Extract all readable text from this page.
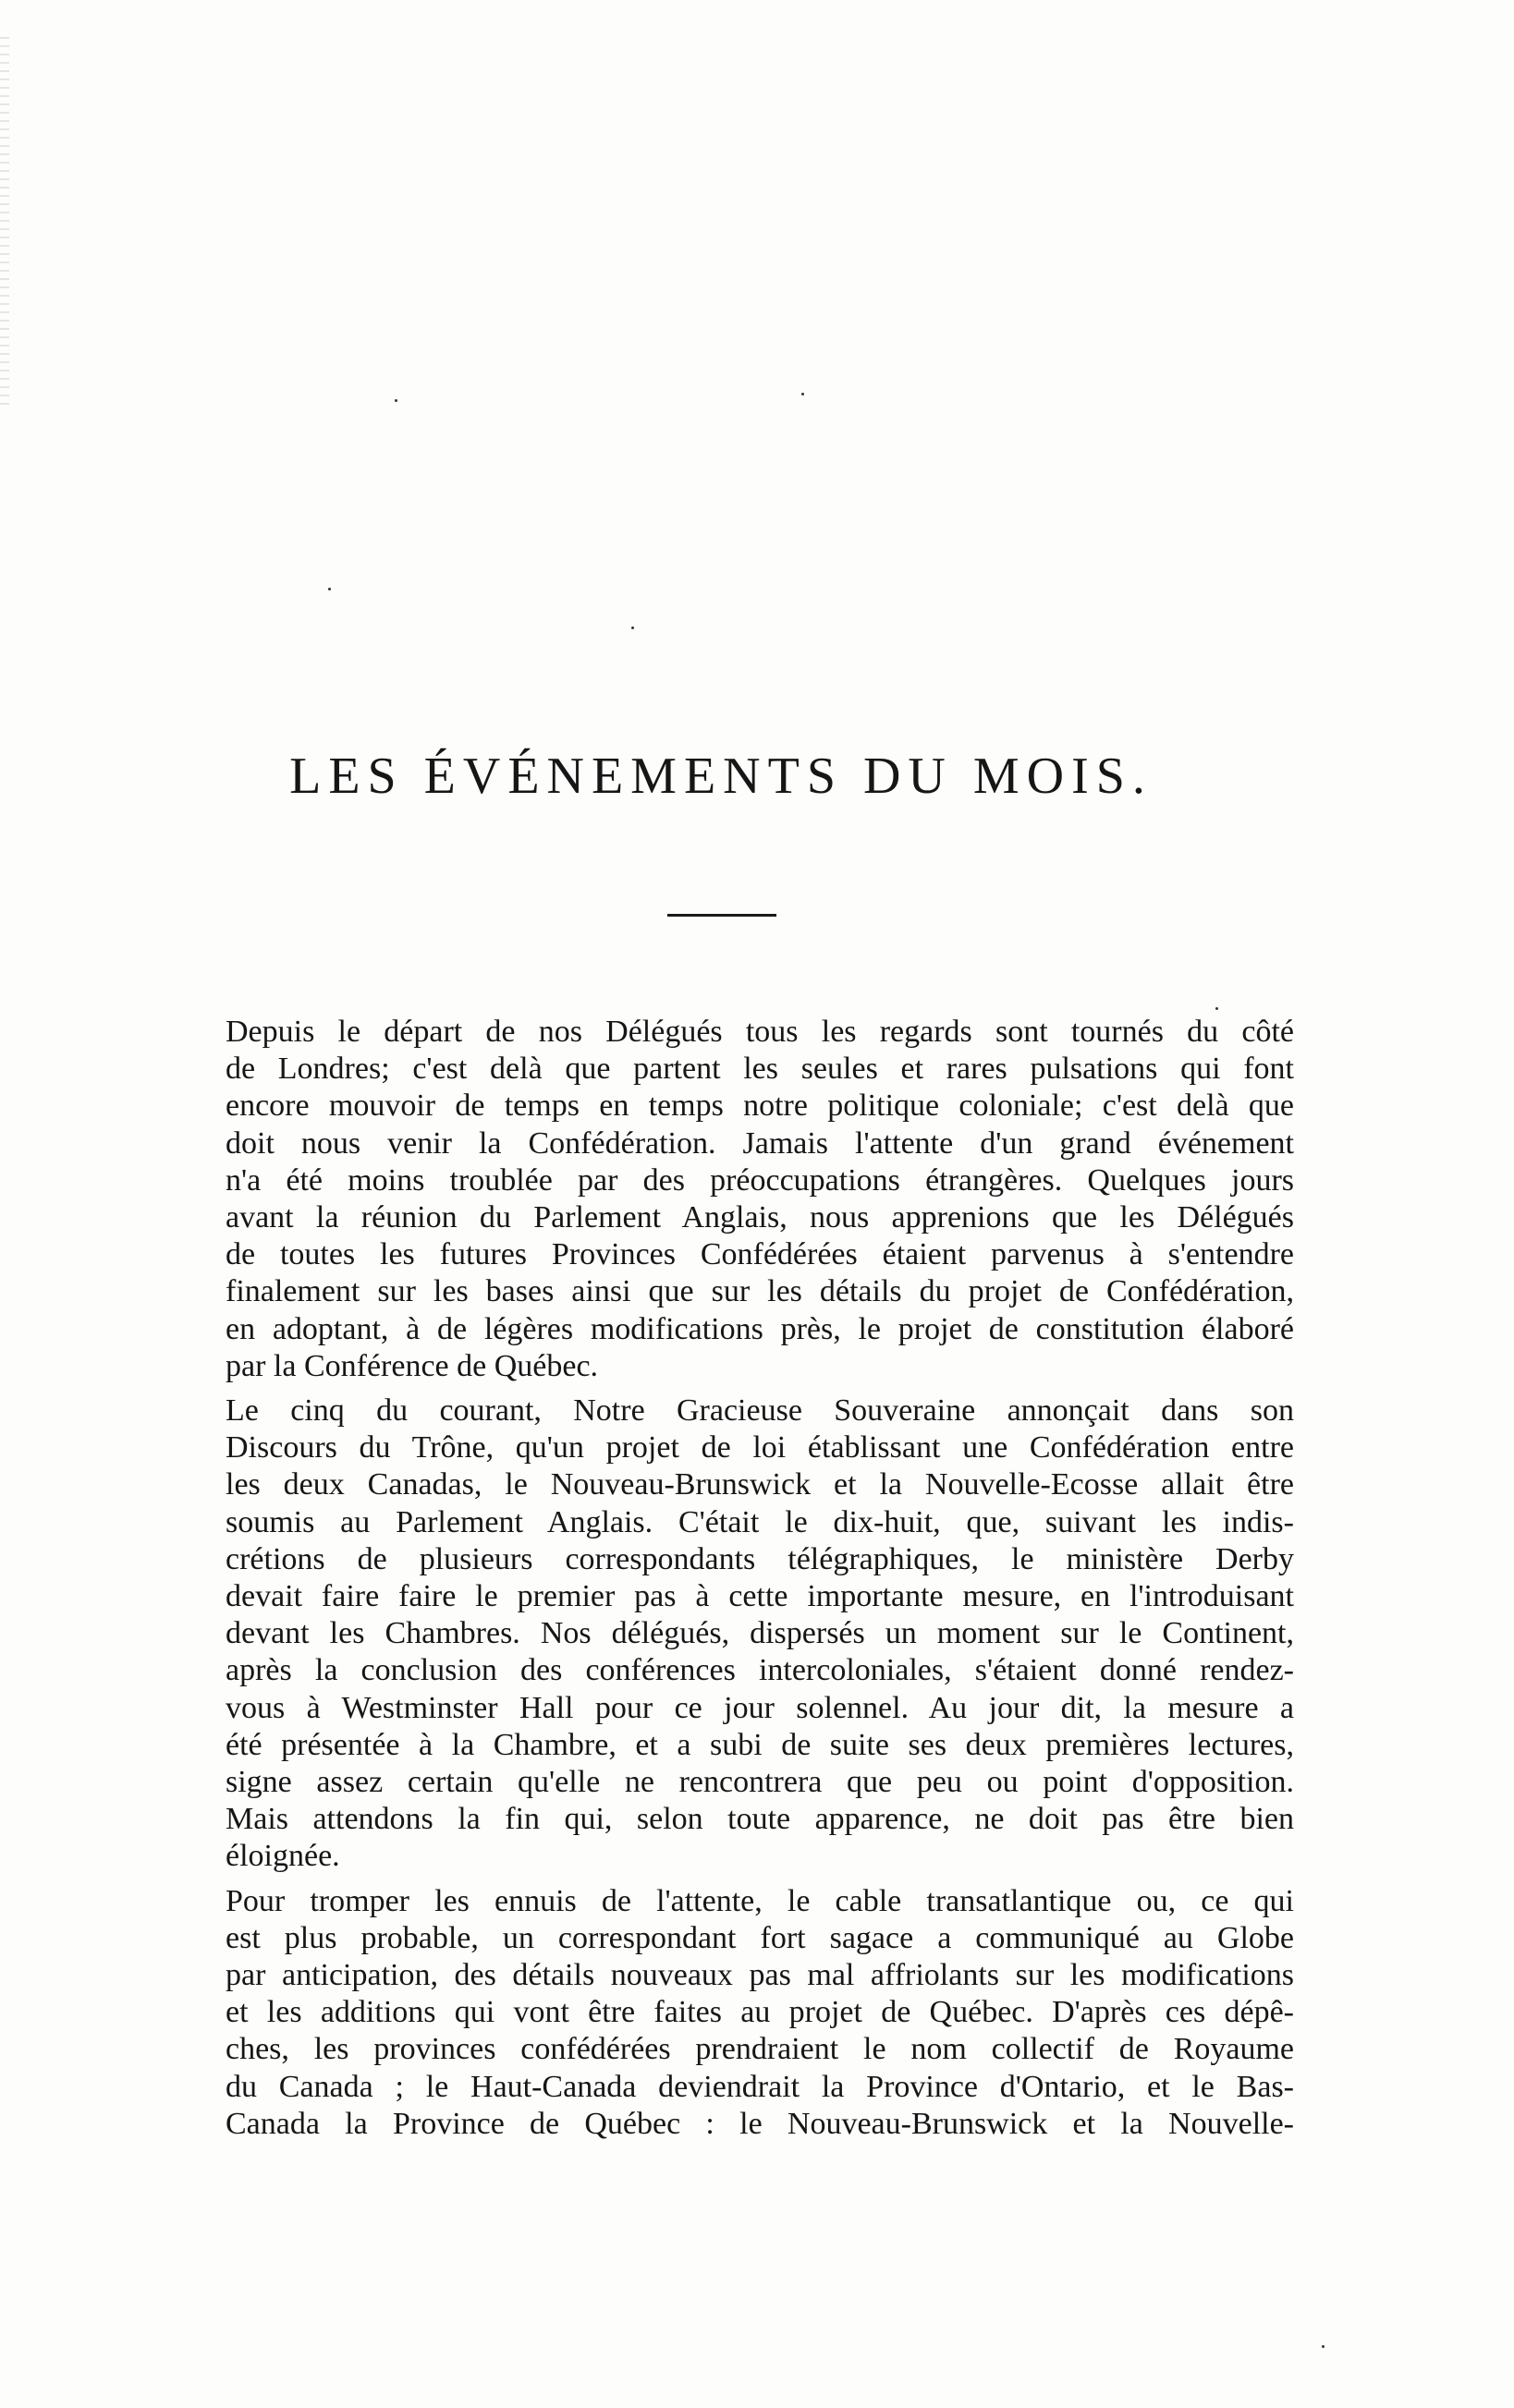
LES ÉVÉNEMENTS DU MOIS.

Depuis le départ de nos Délégués tous les regards sont tournés du côté
de Londres; c'est delà que partent les seules et rares pulsations qui font
encore mouvoir de temps en temps notre politique coloniale; c'est delà que
doit nous venir la Confédération. Jamais l'attente d'un grand événement
n'a été moins troublée par des préoccupations étrangères. Quelques jours
avant la réunion du Parlement Anglais, nous apprenions que les Délégués
de toutes les futures Provinces Confédérées étaient parvenus à s'entendre
finalement sur les bases ainsi que sur les détails du projet de Confédération,
en adoptant, à de légères modifications près, le projet de constitution élaboré
par la Conférence de Québec.

Le cinq du courant, Notre Gracieuse Souveraine annonçait dans son
Discours du Trône, qu'un projet de loi établissant une Confédération entre
les deux Canadas, le Nouveau-Brunswick et la Nouvelle-Ecosse allait être
soumis au Parlement Anglais. C'était le dix-huit, que, suivant les indis-
crétions de plusieurs correspondants télégraphiques, le ministère Derby
devait faire faire le premier pas à cette importante mesure, en l'introduisant
devant les Chambres. Nos délégués, dispersés un moment sur le Continent,
après la conclusion des conférences intercoloniales, s'étaient donné rendez-
vous à Westminster Hall pour ce jour solennel. Au jour dit, la mesure a
été présentée à la Chambre, et a subi de suite ses deux premières lectures,
signe assez certain qu'elle ne rencontrera que peu ou point d'opposition.
Mais attendons la fin qui, selon toute apparence, ne doit pas être bien
éloignée.

Pour tromper les ennuis de l'attente, le cable transatlantique ou, ce qui
est plus probable, un correspondant fort sagace a communiqué au Globe
par anticipation, des détails nouveaux pas mal affriolants sur les modifications
et les additions qui vont être faites au projet de Québec. D'après ces dépê-
ches, les provinces confédérées prendraient le nom collectif de Royaume
du Canada ; le Haut-Canada deviendrait la Province d'Ontario, et le Bas-
Canada la Province de Québec : le Nouveau-Brunswick et la Nouvelle-
